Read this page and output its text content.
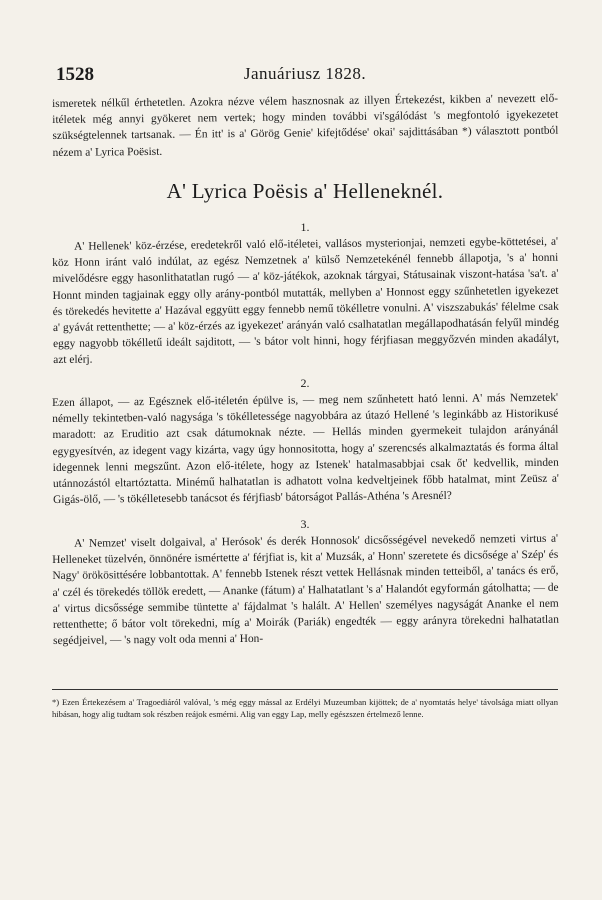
1528	Januáriusz 1828.

ismeretek nélkűl érthetetlen. Azokra nézve vélem hasznosnak az illyen Értekezést, kikben a' nevezett elő-itéletek még annyi gyökeret nem vertek; hogy minden további vi'sgálódást 's megfontoló igyekezetet szükségtelennek tartsanak. — Én itt' is a' Görög Genie' kifejtődése' okai' sajdittásában *) választott pontból nézem a' Lyrica Poësist.

A' Lyrica Poësis a' Helleneknél.
1.

A' Hellenek' köz-érzése, eredetekről való elő-itéletei, vallásos mysterionjai, nemzeti egybe-köttetései, a' köz Honn iránt való indúlat, az egész Nemzetnek a' külső Nemzetekénél fennebb állapotja, 's a' honni mivelődésre eggy hasonlithatatlan rugó — a' köz-játékok, azoknak tárgyai, Státusainak viszont-hatása 'sa't. a' Honnt minden tagjainak eggy olly arány-pontból mutatták, mellyben a' Honnost eggy szűnhetetlen igyekezet és törekedés hevitette a' Hazával eggyütt eggy fennebb nemű tökélletre vonulni. A' viszszabukás' félelme csak a' gyávát rettenthette; — a' köz-érzés az igyekezet' arányán való csalhatatlan megállapodhatásán felyűl mindég eggy nagyobb tökélletű ideált sajditott, — 's bátor volt hinni, hogy férjfiasan meggyőzvén minden akadályt, azt elérj.

2.

Ezen állapot, — az Egésznek elő-itéletén épülve is, — meg nem szűnhetett ható lenni. A' más Nemzetek' némelly tekintetben-való nagysága 's tökélletessége nagyobbára az útazó Hellené 's leginkább az Historikusé maradott: az Eruditio azt csak dátumoknak nézte. — Hellás minden gyermekeit tulajdon arányánál egygyesítvén, az idegent vagy kizárta, vagy úgy honnositotta, hogy a' szerencsés alkalmaztatás és forma által idegennek lenni megszűnt. Azon elő-itélete, hogy az Istenek' hatalmasabbjai csak őt' kedvellik, minden utánnozástól eltartóztatta. Minémű halhatatlan is adhatott volna kedveltjeinek főbb hatalmat, mint Zeüsz a' Gigás-ölő, — 's tökélletesebb tanácsot és férjfiasb' bátorságot Pallás-Athéna 's Aresnél?

3.

A' Nemzet' viselt dolgaival, a' Herósok' és derék Honnosok' dicsősségével nevekedő nemzeti virtus a' Helleneket tüzelvén, önnönére ismértette a' férjfiat is, kit a' Muzsák, a' Honn' szeretete és dicsősége a' Szép' és Nagy' örökösittésére lobbantottak. A' fennebb Istenek részt vettek Hellásnak minden tetteiből, a' tanács és erő, a' czél és törekedés töllök eredett, — Ananke (fátum) a' Halhatatlant 's a' Halandót egyformán gátolhatta; — de a' virtus dicsőssége semmibe tüntette a' fájdalmat 's halált. A' Hellen' személyes nagyságát Ananke el nem rettenthette; ő bátor volt törekedni, míg a' Moirák (Pariák) engedték — eggy arányra törekedni halhatatlan segédjeivel, — 's nagy volt oda menni a' Hon-

*) Ezen Értekezésem a' Tragoediáról valóval, 's még eggy mással az Erdélyi Muzeumban kijöttek; de a' nyomtatás helye' távolsága miatt ollyan hibásan, hogy alig tudtam sok részben reájok esmérni. Alig van eggy Lap, melly egészszen értelmező lenne.
